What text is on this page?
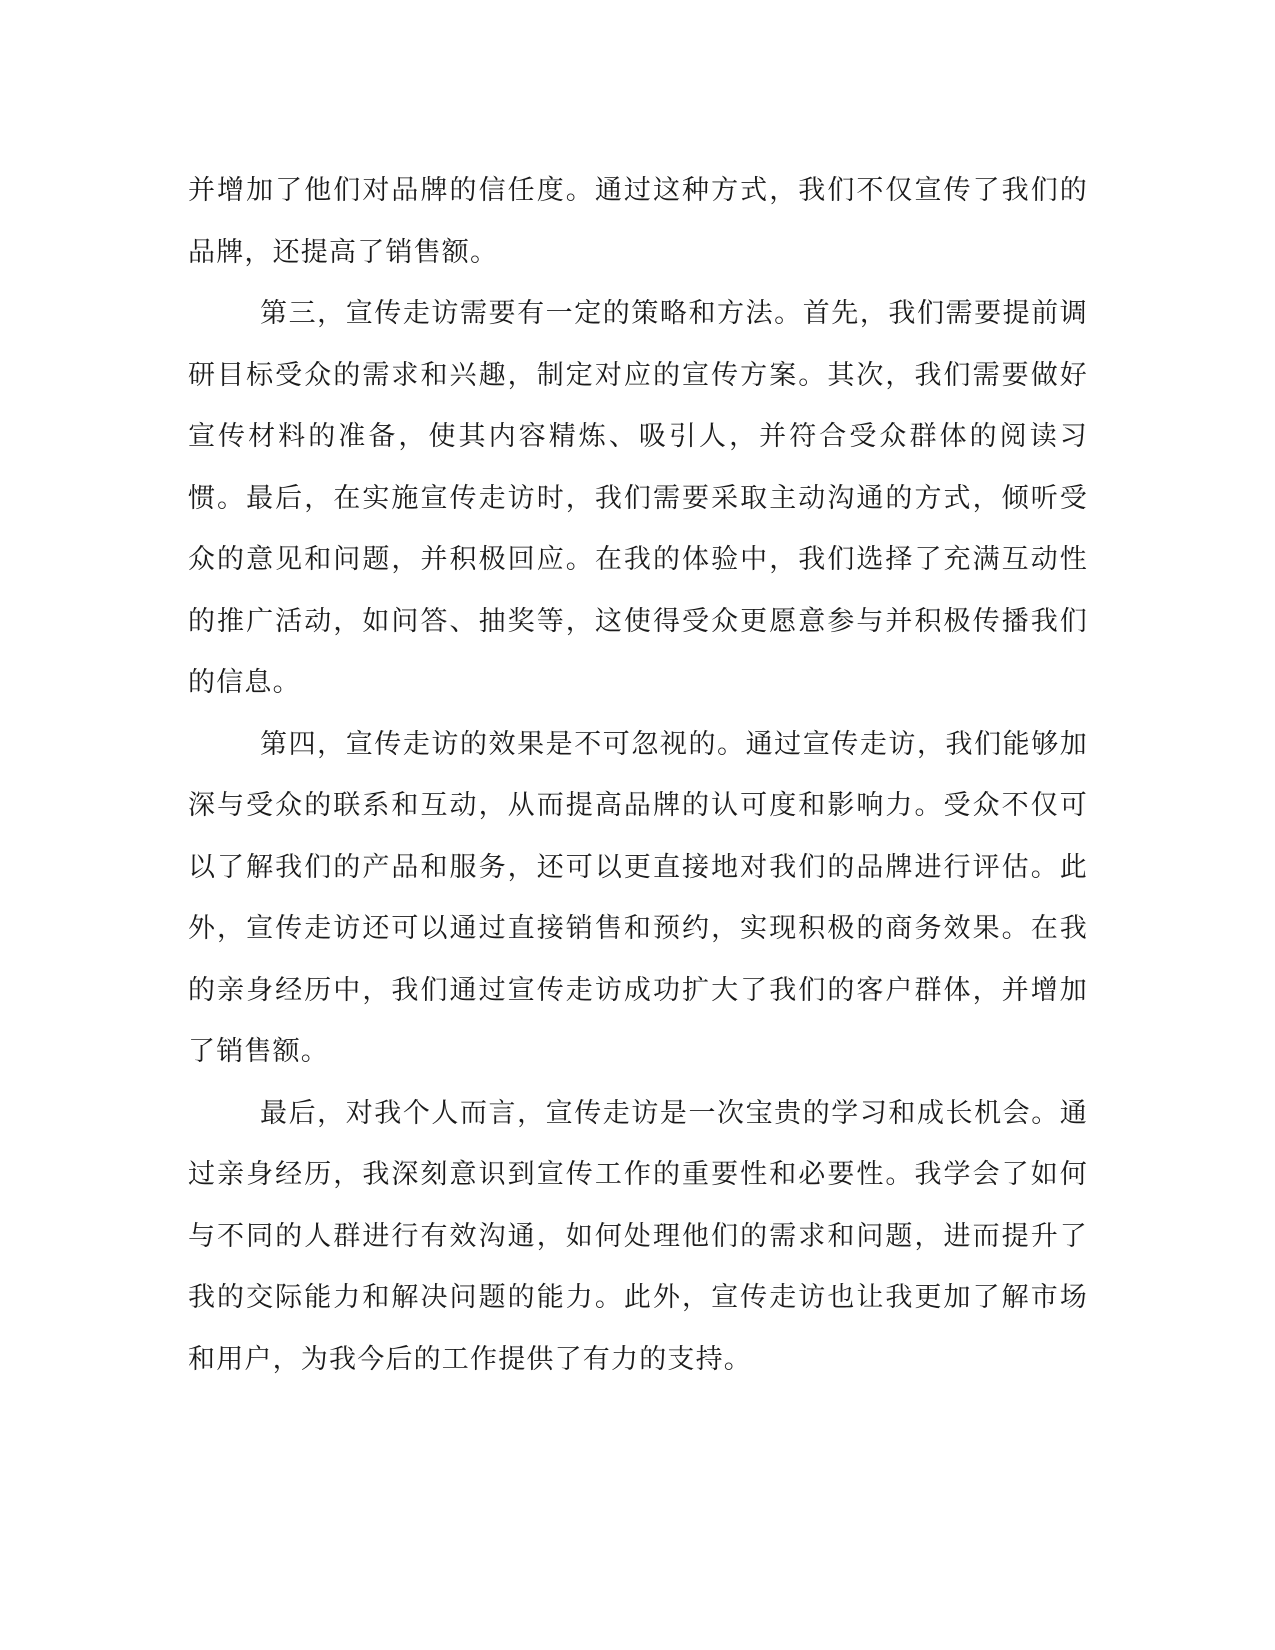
并增加了他们对品牌的信任度。通过这种方式，我们不仅宣传了我们的品牌，还提高了销售额。

第三，宣传走访需要有一定的策略和方法。首先，我们需要提前调研目标受众的需求和兴趣，制定对应的宣传方案。其次，我们需要做好宣传材料的准备，使其内容精炼、吸引人，并符合受众群体的阅读习惯。最后，在实施宣传走访时，我们需要采取主动沟通的方式，倾听受众的意见和问题，并积极回应。在我的体验中，我们选择了充满互动性的推广活动，如问答、抽奖等，这使得受众更愿意参与并积极传播我们的信息。

第四，宣传走访的效果是不可忽视的。通过宣传走访，我们能够加深与受众的联系和互动，从而提高品牌的认可度和影响力。受众不仅可以了解我们的产品和服务，还可以更直接地对我们的品牌进行评估。此外，宣传走访还可以通过直接销售和预约，实现积极的商务效果。在我的亲身经历中，我们通过宣传走访成功扩大了我们的客户群体，并增加了销售额。

最后，对我个人而言，宣传走访是一次宝贵的学习和成长机会。通过亲身经历，我深刻意识到宣传工作的重要性和必要性。我学会了如何与不同的人群进行有效沟通，如何处理他们的需求和问题，进而提升了我的交际能力和解决问题的能力。此外，宣传走访也让我更加了解市场和用户，为我今后的工作提供了有力的支持。
